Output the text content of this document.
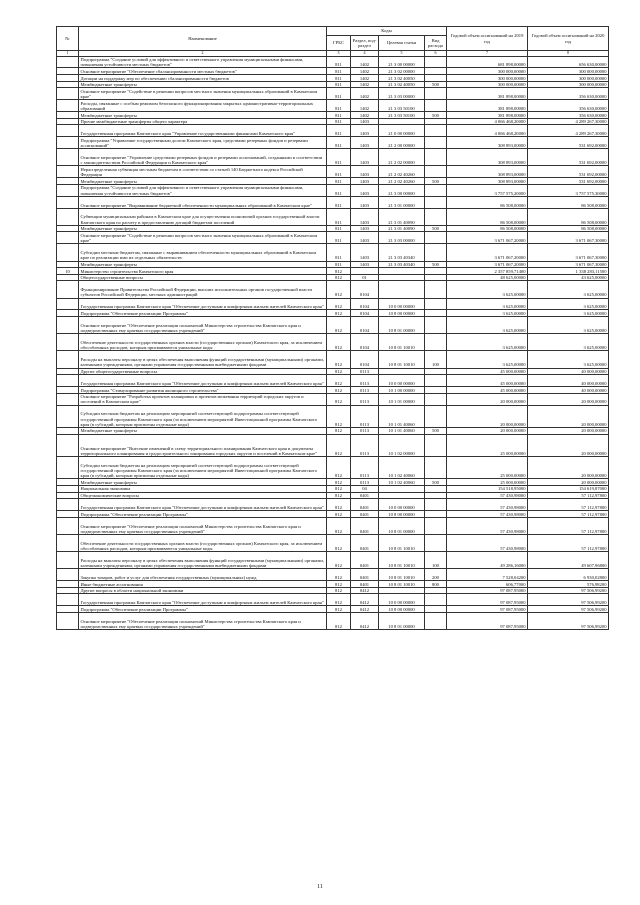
№	Наименование	Коды				Годовой объем ассигнований на 2019 год	Годовой объем ассигнований на 2020 год
		ГРБС	Раздел, под-раздел	Целевая статья	Вид расхода		
1	2	3	4	5	6	7	8
	Подпрограмма "Создание условий для эффективного и ответственного управления муниципальными финансами, повышения устойчивости местных бюджетов"	811	1402	21 3 00 00000		681 898,00000	656 630,00000
	Основное мероприятие "Обеспечение сбалансированности местных бюджетов"	811	1402	21 3 02 00000		300 000,00000	300 000,00000
	Дотации на поддержку мер по обеспечению сбалансированности бюджетов	811	1402	21 3 02 40050		300 000,00000	300 000,00000
	Межбюджетные трансферты	811	1402	21 3 02 40050	500	300 000,00000	300 000,00000
	Основное мероприятие "Содействие в решении вопросов местного значения муниципальных образований в Камчатском крае"	811	1402	21 3 03 00000		381 898,00000	356 630,00000
	Расходы, связанные с особым режимом безопасного функционирования закрытых административно-территориальных образований	811	1402	21 3 03 50100		381 898,00000	356 630,00000
	Межбюджетные трансферты	811	1402	21 3 03 50100	500	381 898,00000	356 630,00000
	Прочие межбюджетные трансферты общего характера	811	1403			4 066 468,20000	4 289 267,30000
	Государственная программа Камчатского края "Управление государственными финансами Камчатского края"	811	1403	21 0 00 00000		4 066 468,20000	4 289 267,30000
	Подпрограмма "Управление государственным долгом Камчатского края, средствами резервных фондов и резервами ассигнований"	811	1403	21 2 00 00000		308 893,00000	531 692,00000
	Основное мероприятие "Управление средствами резервных фондов и резервами ассигнований, созданными в соответствии с законодательством Российской Федерации и Камчатского края"	811	1403	21 2 02 00000		308 893,00000	531 692,00000
	Нераспределенная субвенция местным бюджетам в соответствии со статьей 140 Бюджетного кодекса Российской Федерации	811	1403	21 2 02 40260		308 893,00000	531 692,00000
	Межбюджетные трансферты	811	1403	21 2 02 40260	500	308 893,00000	531 692,00000
	Подпрограмма "Создание условий для эффективного и ответственного управления муниципальными финансами, повышения устойчивости местных бюджетов"	811	1403	21 3 00 00000		3 757 575,20000	3 757 575,30000
	Основное мероприятие "Выравнивание бюджетной обеспеченности муниципальных образований в Камчатском крае"	811	1403	21 3 01 00000		86 508,00000	86 508,00000
	Субвенции муниципальным районам в Камчатском крае для осуществления полномочий органов государственной власти Камчатского края по расчету и предоставлению дотаций бюджетам поселений	811	1403	21 3 01 40090		86 508,00000	86 508,00000
	Межбюджетные трансферты	811	1403	21 3 01 40090	500	86 508,00000	86 508,00000
	Основное мероприятие "Содействие в решении вопросов местного значения муниципальных образований в Камчатском крае"	811	1403	21 3 03 00000		3 671 067,20000	3 671 067,30000
	Субсидии местным бюджетам, связанные с выравниванием обеспеченности муниципальных образований в Камчатском крае по реализации ими их отдельных обязательств	811	1403	21 3 03 40340		3 671 067,20000	3 671 067,30000
	Межбюджетные трансферты	811	1403	21 3 03 40340	500	3 671 067,20000	3 671 067,30000
10	Министерство строительства Камчатского края	812				2 357 859,71400	1 338 283,11500
	Общегосударственные вопросы	812	01			48 625,00000	43 625,00000
	Функционирование Правительства Российской Федерации, высших исполнительных органов государственной власти субъектов Российской Федерации, местных администраций	812	0104			3 625,00000	3 625,00000
	Государственная программа Камчатского края "Обеспечение доступным и комфортным жильем жителей Камчатского края"	812	0104	10 0 00 00000		3 625,00000	3 625,00000
	Подпрограмма "Обеспечение реализации Программы"	812	0104	10 8 00 00000		3 625,00000	3 625,00000
	Основное мероприятие "Обеспечение реализации полномочий Министерства строительства Камчатского края и подведомственных ему краевых государственных учреждений"	812	0104	10 8 01 00000		3 625,00000	3 625,00000
	Обеспечение деятельности государственных органов власти (государственных органов) Камчатского края, за исключением обособленных расходов, которым присваиваются уникальные коды	812	0104	10 8 01 10010		3 625,00000	3 625,00000
	Расходы на выплаты персоналу в целях обеспечения выполнения функций государственными (муниципальными) органами, казенными учреждениями, органами управления государственными внебюджетными фондами	812	0104	10 8 01 10010	100	3 625,00000	3 625,00000
	Другие общегосударственные вопросы	812	0113			45 000,00000	40 000,00000
	Государственная программа Камчатского края "Обеспечение доступным и комфортным жильем жителей Камчатского края"	812	0113	10 0 00 00000		45 000,00000	40 000,00000
	Подпрограмма "Стимулирование развития жилищного строительства"	812	0113	10 1 00 00000		45 000,00000	40 000,00000
	Основное мероприятие "Разработка проектов планировки и проектов межевания территорий городских округов и поселений в Камчатском крае"	812	0113	10 1 01 00000		20 000,00000	20 000,00000
	Субсидии местным бюджетам на реализацию мероприятий соответствующей подпрограммы соответствующей государственной программы Камчатского края (за исключением мероприятий Инвестиционной программы Камчатского края (в субсидий, которым присвоены отдельные коды)	812	0113	10 1 01 40060		20 000,00000	20 000,00000
	Межбюджетные трансферты	812	0113	10 1 01 40060	500	20 000,00000	20 000,00000
	Основное мероприятие "Внесение изменений в схему территориального планирования Камчатского края и документы территориального планирования и градостроительного зонирования городских округов и поселений в Камчатском крае"	812	0113	10 1 02 00000		25 000,00000	20 000,00000
	Субсидии местным бюджетам на реализацию мероприятий соответствующей подпрограммы соответствующей государственной программы Камчатского края (за исключением мероприятий Инвестиционной программы Камчатского края (в субсидий, которым присвоены отдельные коды)	812	0113	10 1 02 40060		25 000,00000	20 000,00000
	Межбюджетные трансферты	812	0113	10 1 02 40060	500	25 000,00000	20 000,00000
	Национальная экономика	812	04			154 518,95000	154 619,87000
	Общеэкономические вопросы	812	0401			57 430,98000	57 112,97800
	Государственная программа Камчатского края "Обеспечение доступным и комфортным жильем жителей Камчатского края"	812	0401	10 0 00 00000		57 430,98000	57 112,97800
	Подпрограмма "Обеспечение реализации Программы"	812	0401	10 8 00 00000		57 430,98000	57 112,97800
	Основное мероприятие "Обеспечение реализации полномочий Министерства строительства Камчатского края и подведомственных ему краевых государственных учреждений"	812	0401	10 8 01 00000		57 430,98000	57 112,97800
	Обеспечение деятельности государственных органов власти (государственных органов) Камчатского края, за исключением обособленных расходов, которым присваиваются уникальные коды	812	0401	10 8 01 10010		57 430,98000	57 112,97800
	Расходы на выплаты персоналу в целях обеспечения выполнения функций государственными (муниципальными) органами, казенными учреждениями, органами управления государственными внебюджетными фондами	812	0401	10 8 01 10010	100	49 286,16000	49 607,96800
	Закупка товаров, работ и услуг для обеспечения государственных (муниципальных) нужд	812	0401	10 8 01 10010	200	7 528,04200	6 930,02800
	Иные бюджетные ассигнования	812	0401	10 8 01 10010	800	606,77000	576,98200
	Другие вопросы в области национальной экономики	812	0412			97 087,95000	97 506,99200
	Государственная программа Камчатского края "Обеспечение доступным и комфортным жильем жителей Камчатского края"	812	0412	10 0 00 00000		97 087,95000	97 506,99200
	Подпрограмма "Обеспечение реализации Программы"	812	0412	10 8 00 00000		97 087,95000	97 506,99200
	Основное мероприятие "Обеспечение реализации полномочий Министерства строительства Камчатского края и подведомственных ему краевых государственных учреждений"	812	0412	10 8 01 00000		97 087,95000	97 506,99200
11
